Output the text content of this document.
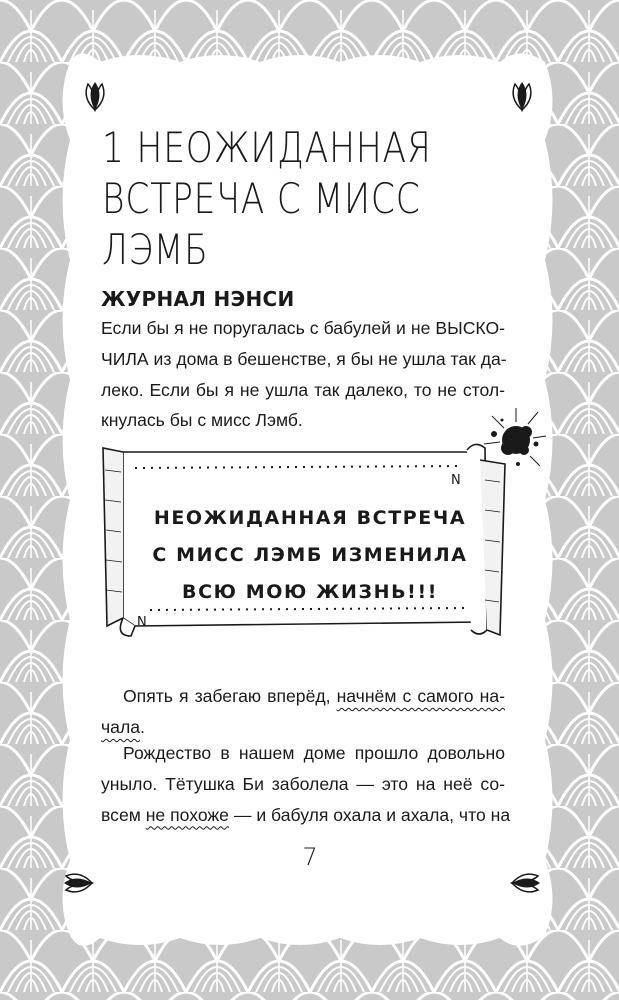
1 НЕОЖИДАННАЯ
ВСТРЕЧА С МИСС
ЛЭМБ
ЖУРНАЛ НЭНСИ
Если бы я не поругалась с бабулей и не ВЫСКО-
ЧИЛА из дома в бешенстве, я бы не ушла так да-
леко. Если бы я не ушла так далеко, то не стол-
кнулась бы с мисс Лэмб.
N
N
НЕОЖИДАННАЯ ВСТРЕЧА
С МИСС ЛЭМБ ИЗМЕНИЛА
ВСЮ МОЮ ЖИЗНЬ!!!
Опять я забегаю вперёд, начнём с самого на-
чала.
Рождество в нашем доме прошло довольно
уныло. Тётушка Би заболела — это на неё со-
всем не похоже — и бабуля охала и ахала, что на
7
